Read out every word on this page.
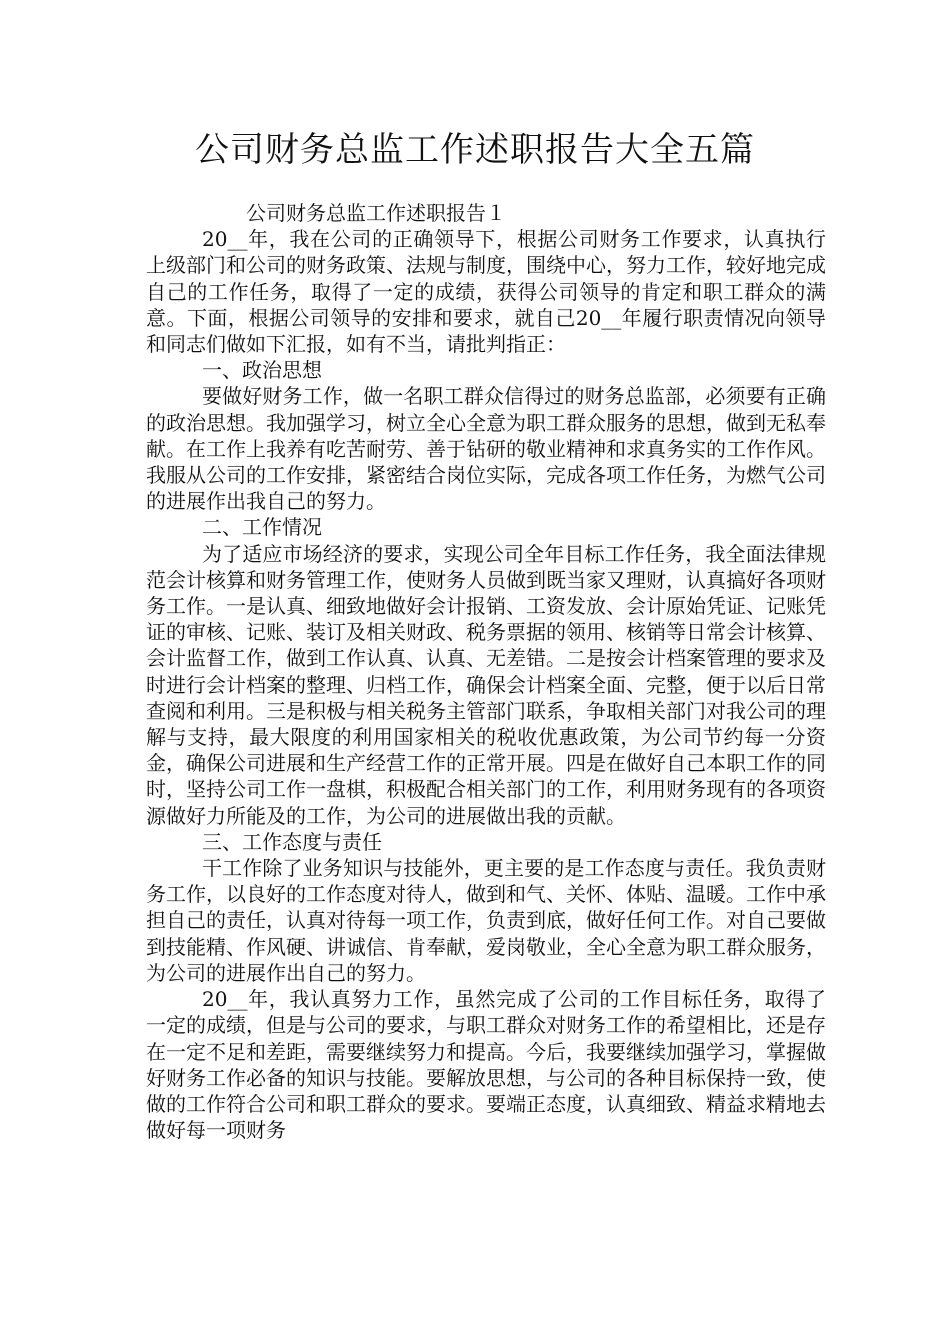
公司财务总监工作述职报告大全五篇

公司财务总监工作述职报告１

20__年，我在公司的正确领导下，根据公司财务工作要求，认真执行上级部门和公司的财务政策、法规与制度，围绕中心，努力工作，较好地完成自己的工作任务，取得了一定的成绩，获得公司领导的肯定和职工群众的满意。下面，根据公司领导的安排和要求，就自己20__年履行职责情况向领导和同志们做如下汇报，如有不当，请批判指正：

一、政治思想

要做好财务工作，做一名职工群众信得过的财务总监部，必须要有正确的政治思想。我加强学习，树立全心全意为职工群众服务的思想，做到无私奉献。在工作上我养有吃苦耐劳、善于钻研的敬业精神和求真务实的工作作风。我服从公司的工作安排，紧密结合岗位实际，完成各项工作任务，为燃气公司的进展作出我自己的努力。

二、工作情况

为了适应市场经济的要求，实现公司全年目标工作任务，我全面法律规范会计核算和财务管理工作，使财务人员做到既当家又理财，认真搞好各项财务工作。一是认真、细致地做好会计报销、工资发放、会计原始凭证、记账凭证的审核、记账、装订及相关财政、税务票据的领用、核销等日常会计核算、会计监督工作，做到工作认真、认真、无差错。二是按会计档案管理的要求及时进行会计档案的整理、归档工作，确保会计档案全面、完整，便于以后日常查阅和利用。三是积极与相关税务主管部门联系，争取相关部门对我公司的理解与支持，最大限度的利用国家相关的税收优惠政策，为公司节约每一分资金，确保公司进展和生产经营工作的正常开展。四是在做好自己本职工作的同时，坚持公司工作一盘棋，积极配合相关部门的工作，利用财务现有的各项资源做好力所能及的工作，为公司的进展做出我的贡献。

三、工作态度与责任

干工作除了业务知识与技能外，更主要的是工作态度与责任。我负责财务工作，以良好的工作态度对待人，做到和气、关怀、体贴、温暖。工作中承担自己的责任，认真对待每一项工作，负责到底，做好任何工作。对自己要做到技能精、作风硬、讲诚信、肯奉献，爱岗敬业，全心全意为职工群众服务，为公司的进展作出自己的努力。

20__年，我认真努力工作，虽然完成了公司的工作目标任务，取得了一定的成绩，但是与公司的要求，与职工群众对财务工作的希望相比，还是存在一定不足和差距，需要继续努力和提高。今后，我要继续加强学习，掌握做好财务工作必备的知识与技能。要解放思想，与公司的各种目标保持一致，使做的工作符合公司和职工群众的要求。要端正态度，认真细致、精益求精地去做好每一项财务
